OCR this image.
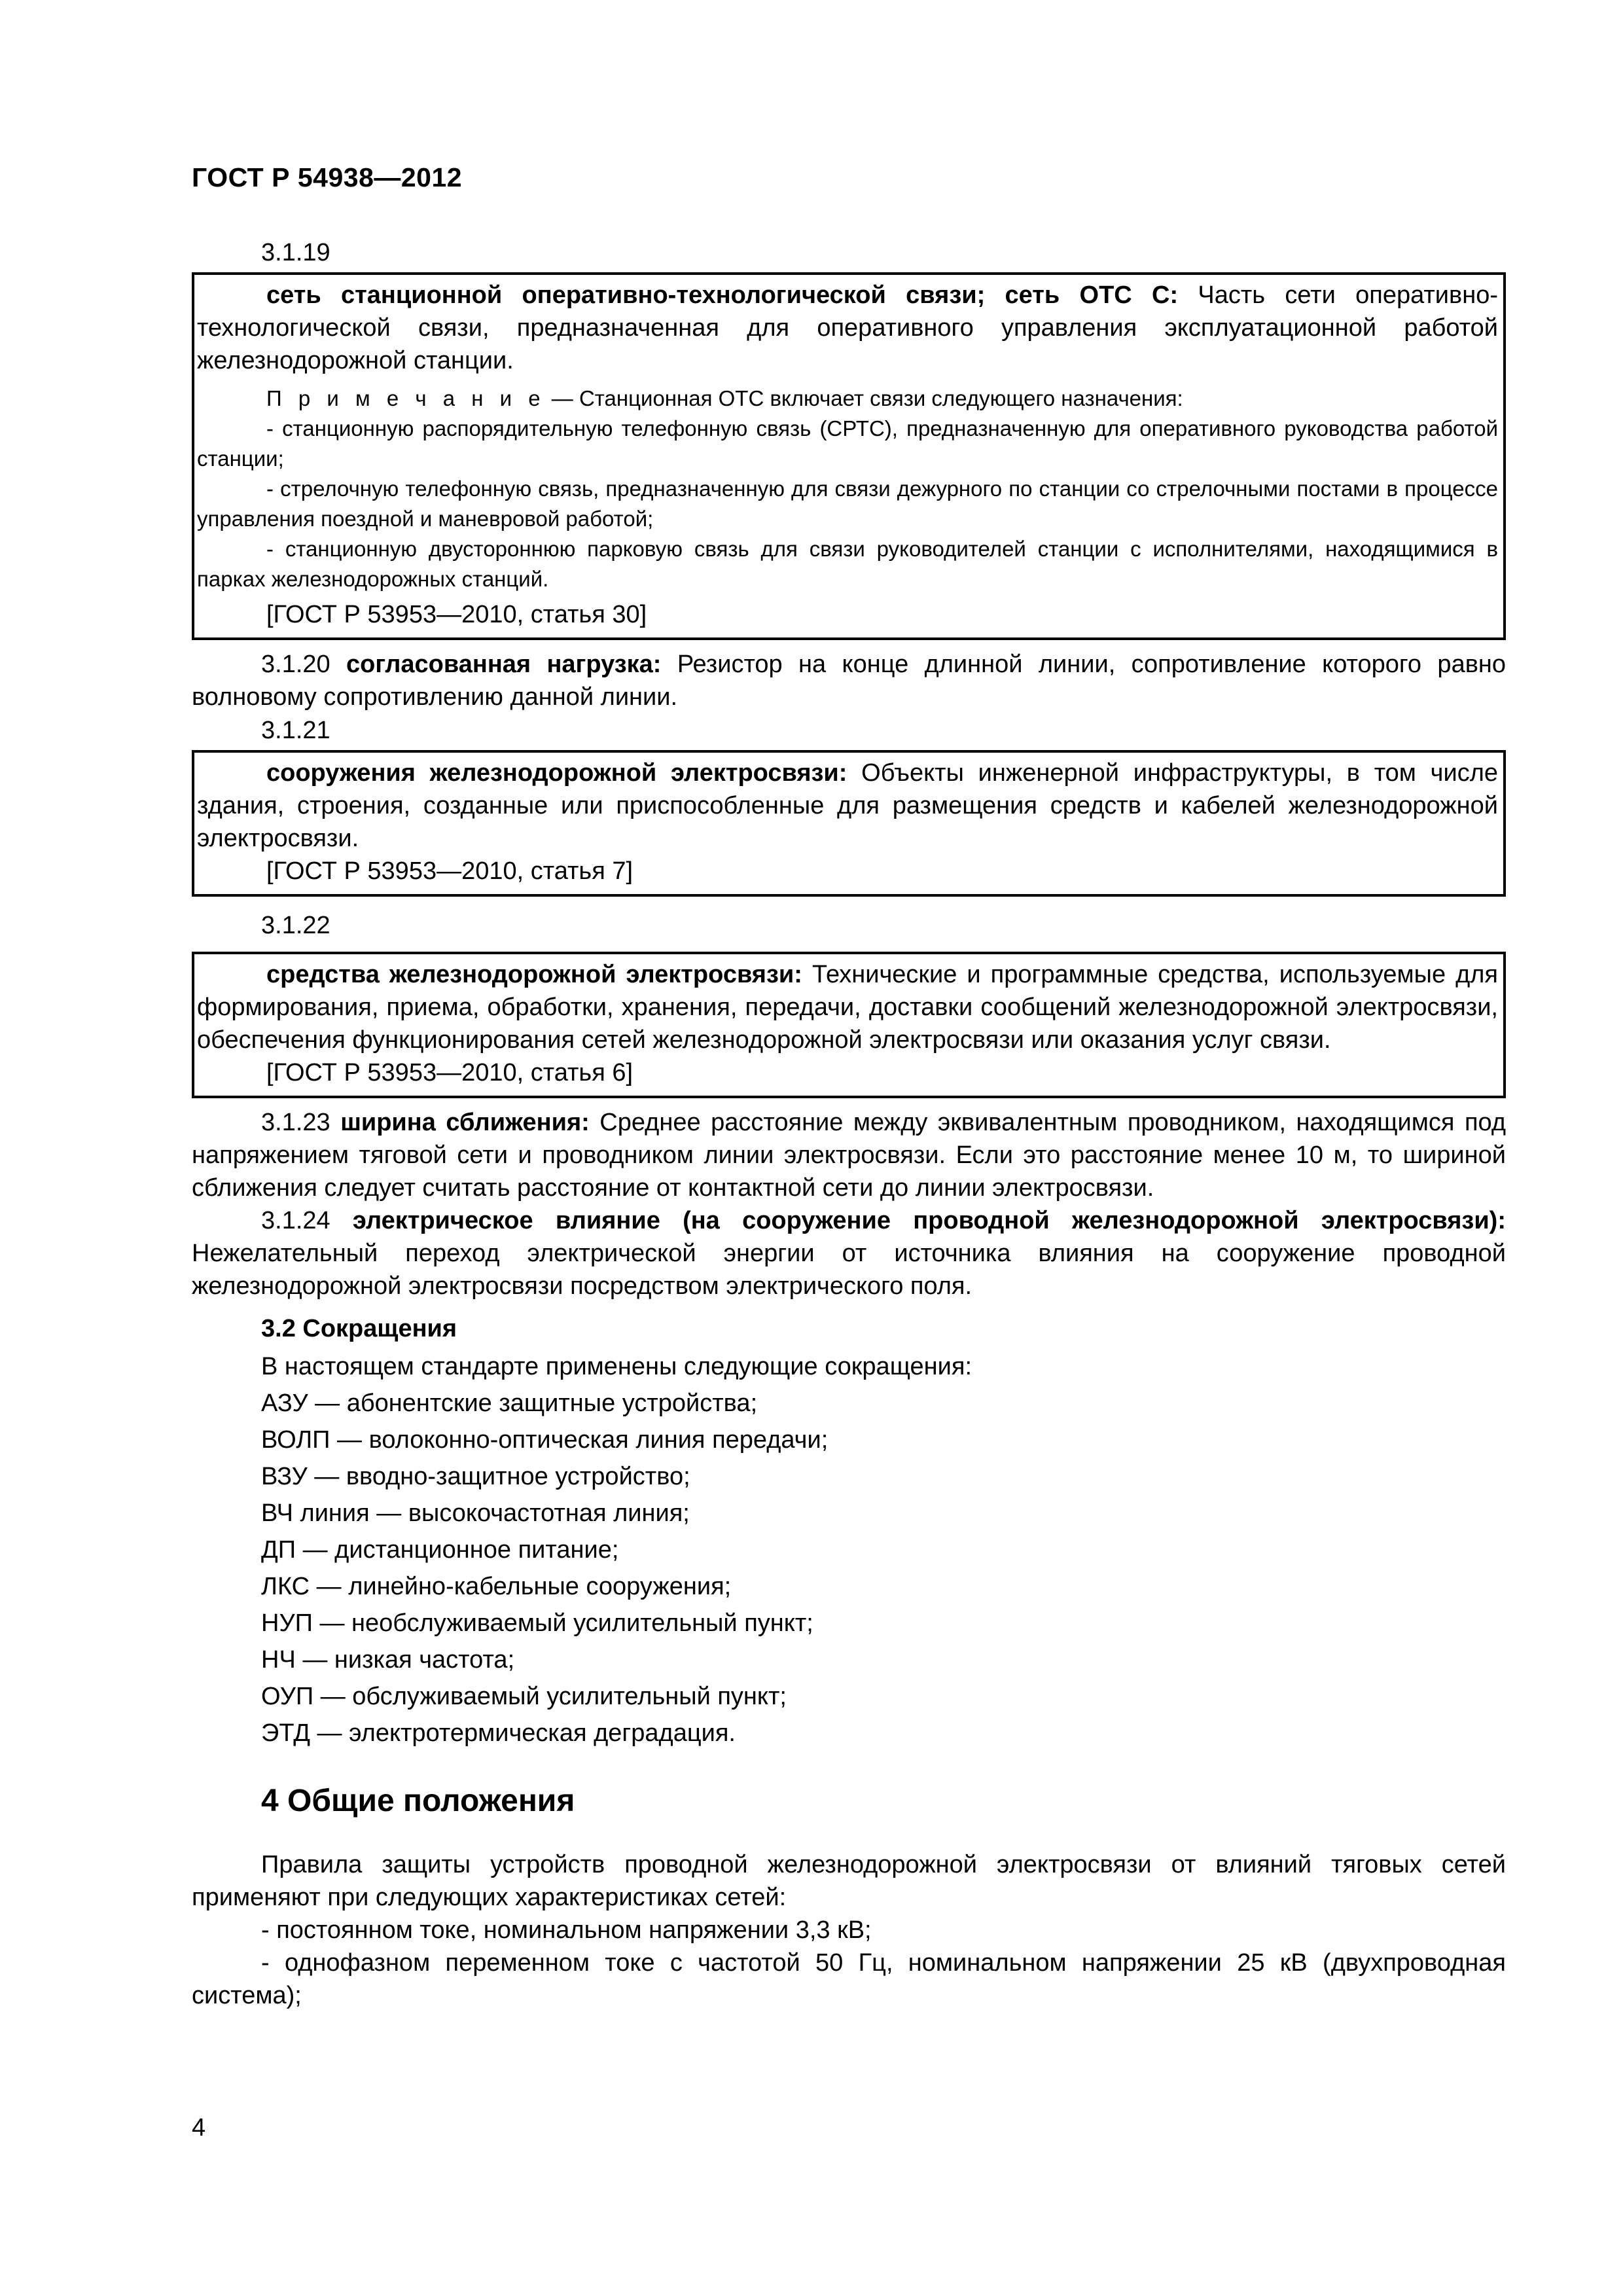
ГОСТ Р 54938—2012
3.1.19

сеть станционной оперативно-технологической связи; сеть ОТС С: Часть сети оперативно-технологической связи, предназначенная для оперативного управления эксплуатационной работой железнодорожной станции.

П р и м е ч а н и е — Станционная ОТС включает связи следующего назначения:

- станционную распорядительную телефонную связь (СРТС), предназначенную для оперативного руководства работой станции;

- стрелочную телефонную связь, предназначенную для связи дежурного по станции со стрелочными постами в процессе управления поездной и маневровой работой;

- станционную двустороннюю парковую связь для связи руководителей станции с исполнителями, находящимися в парках железнодорожных станций.

[ГОСТ Р 53953—2010, статья 30]

3.1.20 согласованная нагрузка: Резистор на конце длинной линии, сопротивление которого равно волновому сопротивлению данной линии.

3.1.21

сооружения железнодорожной электросвязи: Объекты инженерной инфраструктуры, в том числе здания, строения, созданные или приспособленные для размещения средств и кабелей железнодорожной электросвязи.

[ГОСТ Р 53953—2010, статья 7]
3.1.22

средства железнодорожной электросвязи: Технические и программные средства, используемые для формирования, приема, обработки, хранения, передачи, доставки сообщений железнодорожной электросвязи, обеспечения функционирования сетей железнодорожной электросвязи или оказания услуг связи.

[ГОСТ Р 53953—2010, статья 6]

3.1.23 ширина сближения: Среднее расстояние между эквивалентным проводником, находящимся под напряжением тяговой сети и проводником линии электросвязи. Если это расстояние менее 10 м, то шириной сближения следует считать расстояние от контактной сети до линии электросвязи.

3.1.24 электрическое влияние (на сооружение проводной железнодорожной электросвязи): Нежелательный переход электрической энергии от источника влияния на сооружение проводной железнодорожной электросвязи посредством электрического поля.

3.2 Сокращения
В настоящем стандарте применены следующие сокращения:
АЗУ — абонентские защитные устройства;
ВОЛП — волоконно-оптическая линия передачи;
ВЗУ — вводно-защитное устройство;
ВЧ линия — высокочастотная линия;
ДП — дистанционное питание;
ЛКС — линейно-кабельные сооружения;
НУП — необслуживаемый усилительный пункт;
НЧ — низкая частота;
ОУП — обслуживаемый усилительный пункт;
ЭТД — электротермическая деградация.
4 Общие положения

Правила защиты устройств проводной железнодорожной электросвязи от влияний тяговых сетей применяют при следующих характеристиках сетей:

- постоянном токе, номинальном напряжении 3,3 кВ;

- однофазном переменном токе с частотой 50 Гц, номинальном напряжении 25 кВ (двухпроводная система);

4
